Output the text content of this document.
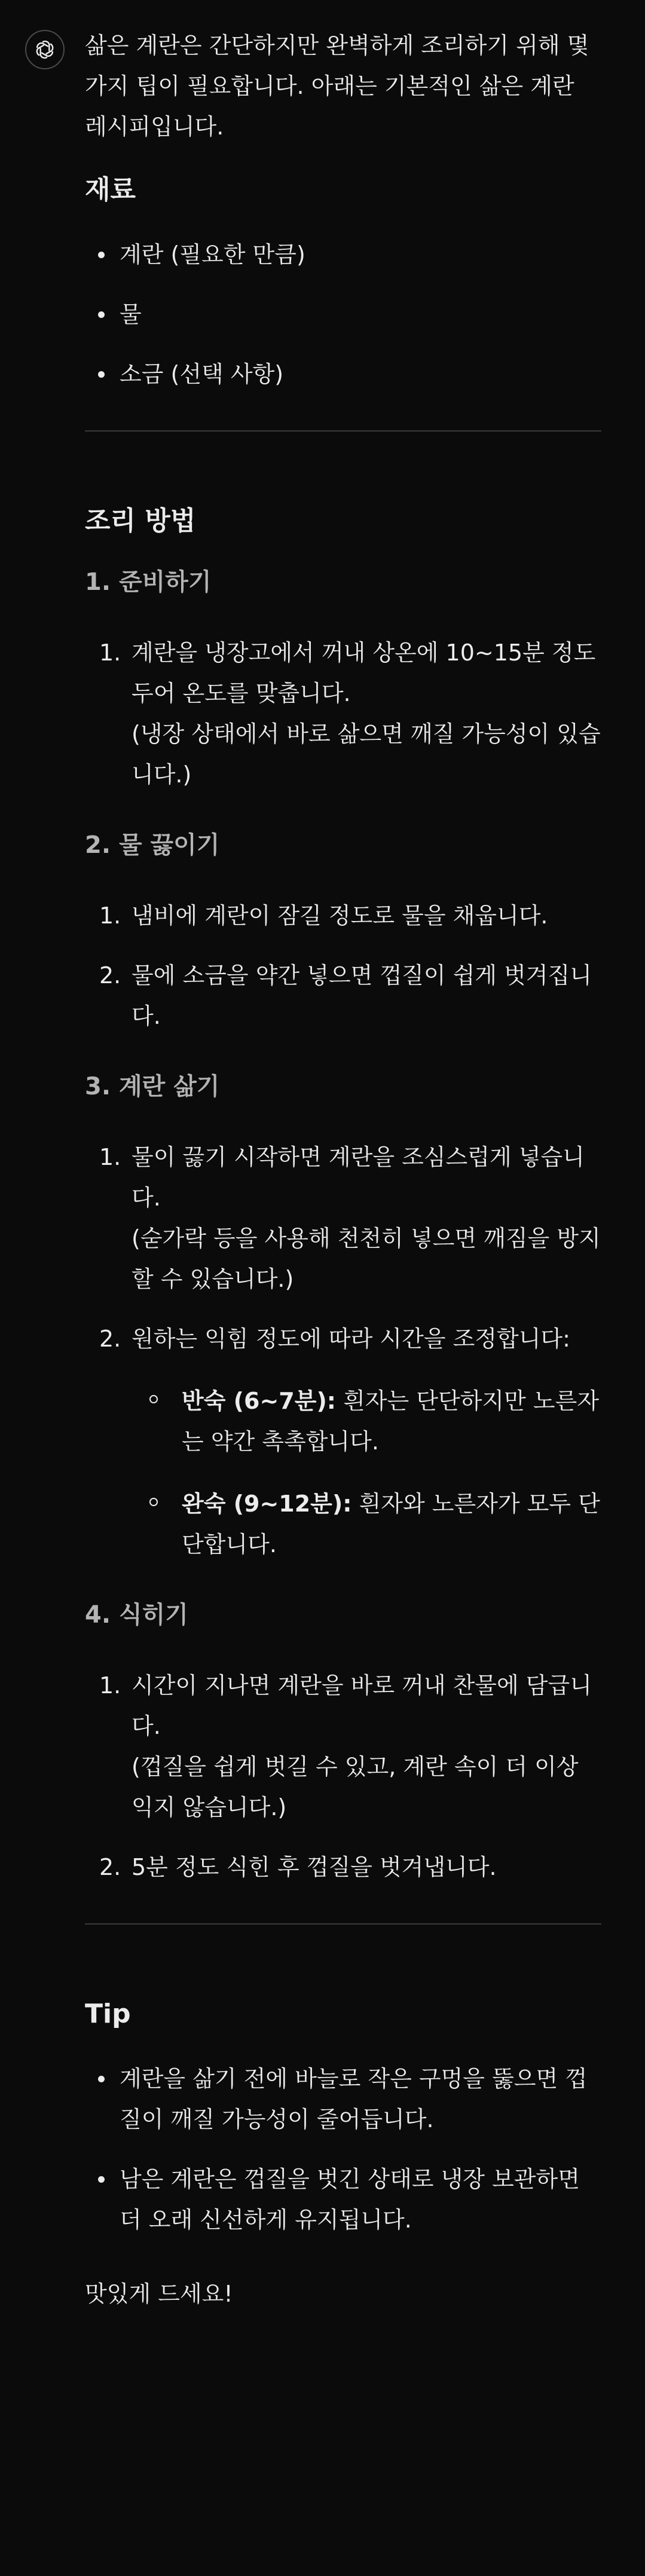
삶은 계란은 간단하지만 완벽하게 조리하기 위해 몇 가지 팁이 필요합니다. 아래는 기본적인 삶은 계란 레시피입니다.

재료
계란 (필요한 만큼)
물
소금 (선택 사항)
조리 방법
1. 준비하기
1. 계란을 냉장고에서 꺼내 상온에 10~15분 정도 두어 온도를 맞춥니다.

(냉장 상태에서 바로 삶으면 깨질 가능성이 있습니다.)

2. 물 끓이기
1. 냄비에 계란이 잠길 정도로 물을 채웁니다.

2. 물에 소금을 약간 넣으면 껍질이 쉽게 벗겨집니다.

3. 계란 삶기
1. 물이 끓기 시작하면 계란을 조심스럽게 넣습니다.

(숟가락 등을 사용해 천천히 넣으면 깨짐을 방지할 수 있습니다.)

2. 원하는 익힘 정도에 따라 시간을 조정합니다:

반숙 (6~7분): 흰자는 단단하지만 노른자는 약간 촉촉합니다.
완숙 (9~12분): 흰자와 노른자가 모두 단단합니다.
4. 식히기
1. 시간이 지나면 계란을 바로 꺼내 찬물에 담급니다.

(껍질을 쉽게 벗길 수 있고, 계란 속이 더 이상 익지 않습니다.)

2. 5분 정도 식힌 후 껍질을 벗겨냅니다.

Tip
계란을 삶기 전에 바늘로 작은 구멍을 뚫으면 껍질이 깨질 가능성이 줄어듭니다.
남은 계란은 껍질을 벗긴 상태로 냉장 보관하면 더 오래 신선하게 유지됩니다.

맛있게 드세요!
